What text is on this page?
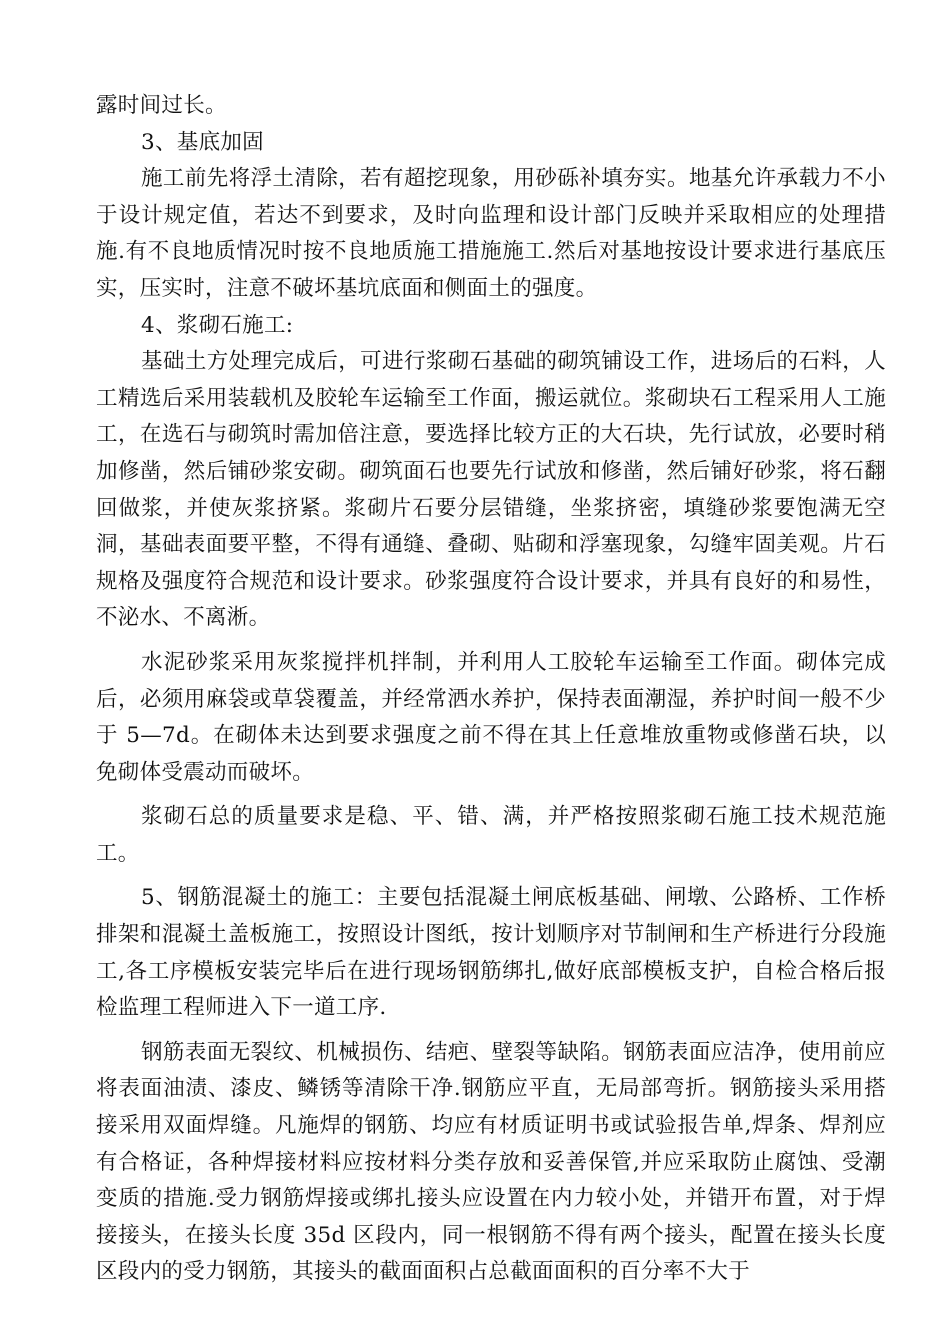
露时间过长。

3、基底加固

施工前先将浮土清除，若有超挖现象，用砂砾补填夯实。地基允许承载力不小于设计规定值，若达不到要求，及时向监理和设计部门反映并采取相应的处理措施.有不良地质情况时按不良地质施工措施施工.然后对基地按设计要求进行基底压实，压实时，注意不破坏基坑底面和侧面土的强度。

4、浆砌石施工:

基础土方处理完成后，可进行浆砌石基础的砌筑铺设工作，进场后的石料，人工精选后采用装载机及胶轮车运输至工作面，搬运就位。浆砌块石工程采用人工施工，在选石与砌筑时需加倍注意，要选择比较方正的大石块，先行试放，必要时稍加修凿，然后铺砂浆安砌。砌筑面石也要先行试放和修凿，然后铺好砂浆，将石翻回做浆，并使灰浆挤紧。浆砌片石要分层错缝，坐浆挤密，填缝砂浆要饱满无空洞，基础表面要平整，不得有通缝、叠砌、贴砌和浮塞现象，勾缝牢固美观。片石规格及强度符合规范和设计要求。砂浆强度符合设计要求，并具有良好的和易性，不泌水、不离淅。

水泥砂浆采用灰浆搅拌机拌制，并利用人工胶轮车运输至工作面。砌体完成后，必须用麻袋或草袋覆盖，并经常洒水养护，保持表面潮湿，养护时间一般不少于 5—7d。在砌体未达到要求强度之前不得在其上任意堆放重物或修凿石块，以免砌体受震动而破坏。

浆砌石总的质量要求是稳、平、错、满，并严格按照浆砌石施工技术规范施工。

5、钢筋混凝土的施工：主要包括混凝土闸底板基础、闸墩、公路桥、工作桥排架和混凝土盖板施工，按照设计图纸，按计划顺序对节制闸和生产桥进行分段施工,各工序模板安装完毕后在进行现场钢筋绑扎,做好底部模板支护，自检合格后报检监理工程师进入下一道工序.

钢筋表面无裂纹、机械损伤、结疤、壁裂等缺陷。钢筋表面应洁净，使用前应将表面油渍、漆皮、鳞锈等清除干净.钢筋应平直，无局部弯折。钢筋接头采用搭接采用双面焊缝。凡施焊的钢筋、均应有材质证明书或试验报告单,焊条、焊剂应有合格证，各种焊接材料应按材料分类存放和妥善保管,并应采取防止腐蚀、受潮变质的措施.受力钢筋焊接或绑扎接头应设置在内力较小处，并错开布置，对于焊接接头，在接头长度 35d 区段内，同一根钢筋不得有两个接头，配置在接头长度区段内的受力钢筋，其接头的截面面积占总截面面积的百分率不大于
